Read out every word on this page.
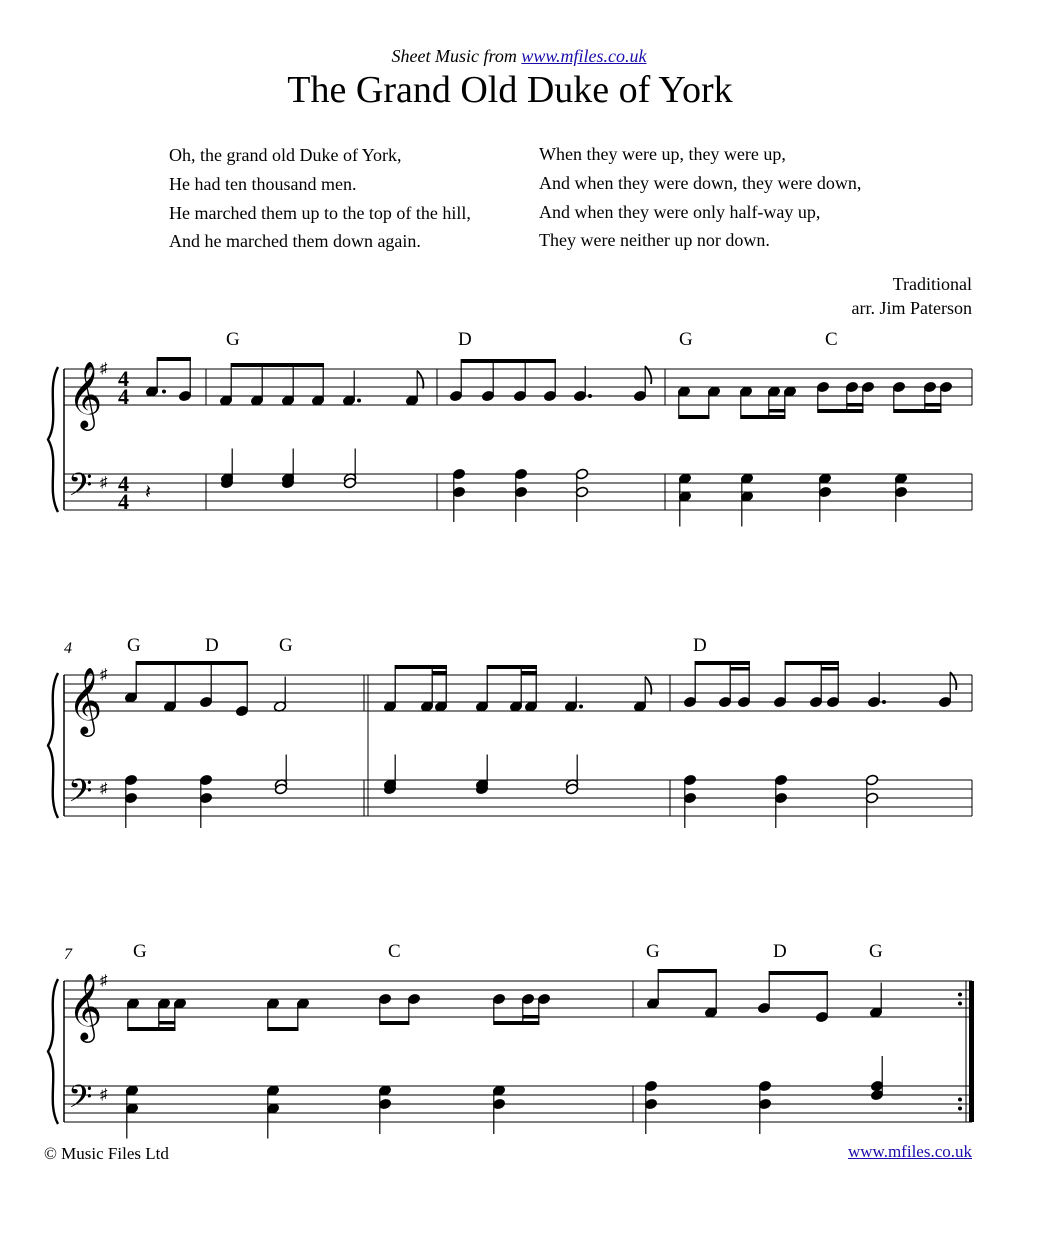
Sheet Music from www.mfiles.co.uk
The Grand Old Duke of York
Oh, the grand old Duke of York,
He had ten thousand men.
He marched them up to the top of the hill,
And he marched them down again.
When they were up, they were up,
And when they were down, they were down,
And when they were only half-way up,
They were neither up nor down.
Traditional
arr. Jim Paterson
𝄞
𝄢
♯
♯
4
4
4
4
G	D	G	C
𝄞
𝄢
♯
♯
4	G	D	G	D
𝄞
𝄢
♯
♯
7	G	C	G	D	G
𝄽
© Music Files Ltd	www.mfiles.co.uk
